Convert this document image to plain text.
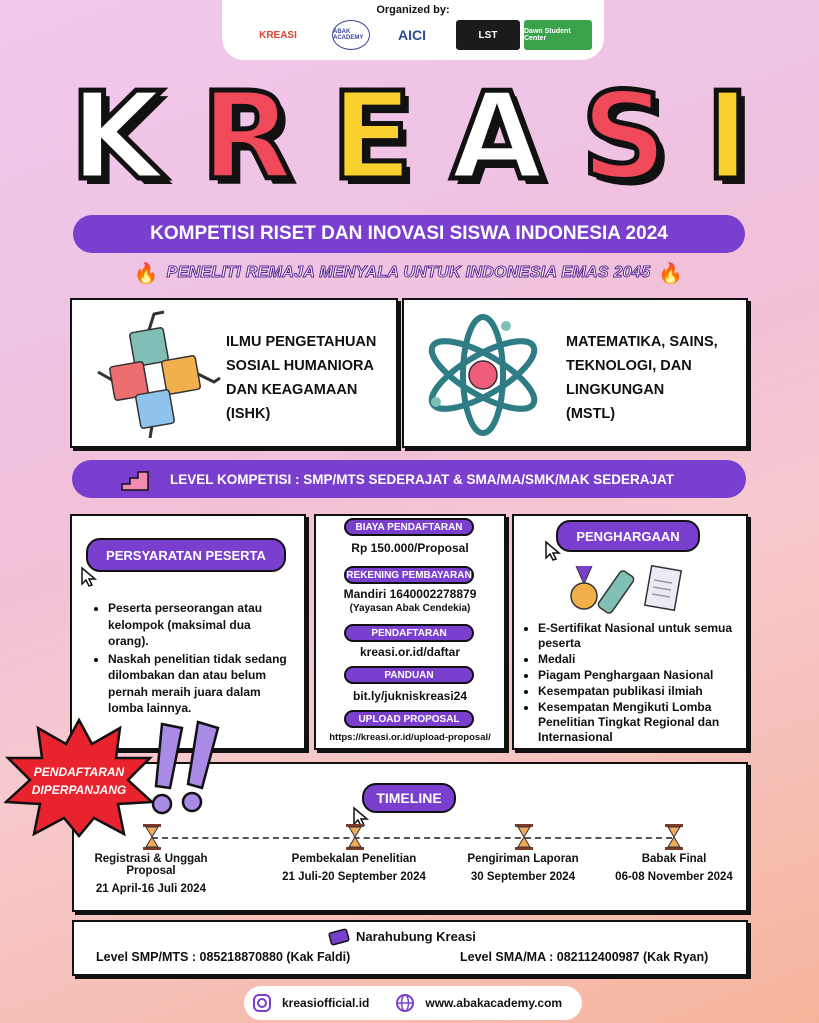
Organized by:
KREASI	ABAK ACADEMY	AICI	LST	Dawn Student Center
K R E A S I
KOMPETISI RISET DAN INOVASI SISWA INDONESIA 2024
🔥 PENELITI REMAJA MENYALA UNTUK INDONESIA EMAS 2045 🔥
ILMU PENGETAHUAN
SOSIAL HUMANIORA
DAN KEAGAMAAN
(ISHK)
MATEMATIKA, SAINS,
TEKNOLOGI, DAN
LINGKUNGAN
(MSTL)
LEVEL KOMPETISI : SMP/MTS SEDERAJAT & SMA/MA/SMK/MAK SEDERAJAT
PERSYARATAN PESERTA
• Peserta perseorangan atau kelompok (maksimal dua orang).
• Naskah penelitian tidak sedang dilombakan dan atau belum pernah meraih juara dalam lomba lainnya.
BIAYA PENDAFTARAN
Rp 150.000/Proposal
REKENING PEMBAYARAN
Mandiri 1640002278879
(Yayasan Abak Cendekia)
PENDAFTARAN
kreasi.or.id/daftar
PANDUAN
bit.ly/jukniskreasi24
UPLOAD PROPOSAL
https://kreasi.or.id/upload-proposal/
PENGHARGAAN
• E-Sertifikat Nasional untuk semua peserta
• Medali
• Piagam Penghargaan Nasional
• Kesempatan publikasi ilmiah
• Kesempatan Mengikuti Lomba Penelitian Tingkat Regional dan Internasional
TIMELINE
Registrasi & Unggah Proposal
21 April-16 Juli 2024
Pembekalan Penelitian
21 Juli-20 September 2024
Pengiriman Laporan
30 September 2024
Babak Final
06-08 November 2024
PENDAFTARAN
DIPERPANJANG
Narahubung Kreasi
Level SMP/MTS : 085218870880 (Kak Faldi)	Level SMA/MA : 082112400987 (Kak Ryan)
kreasiofficial.id	www.abakacademy.com
